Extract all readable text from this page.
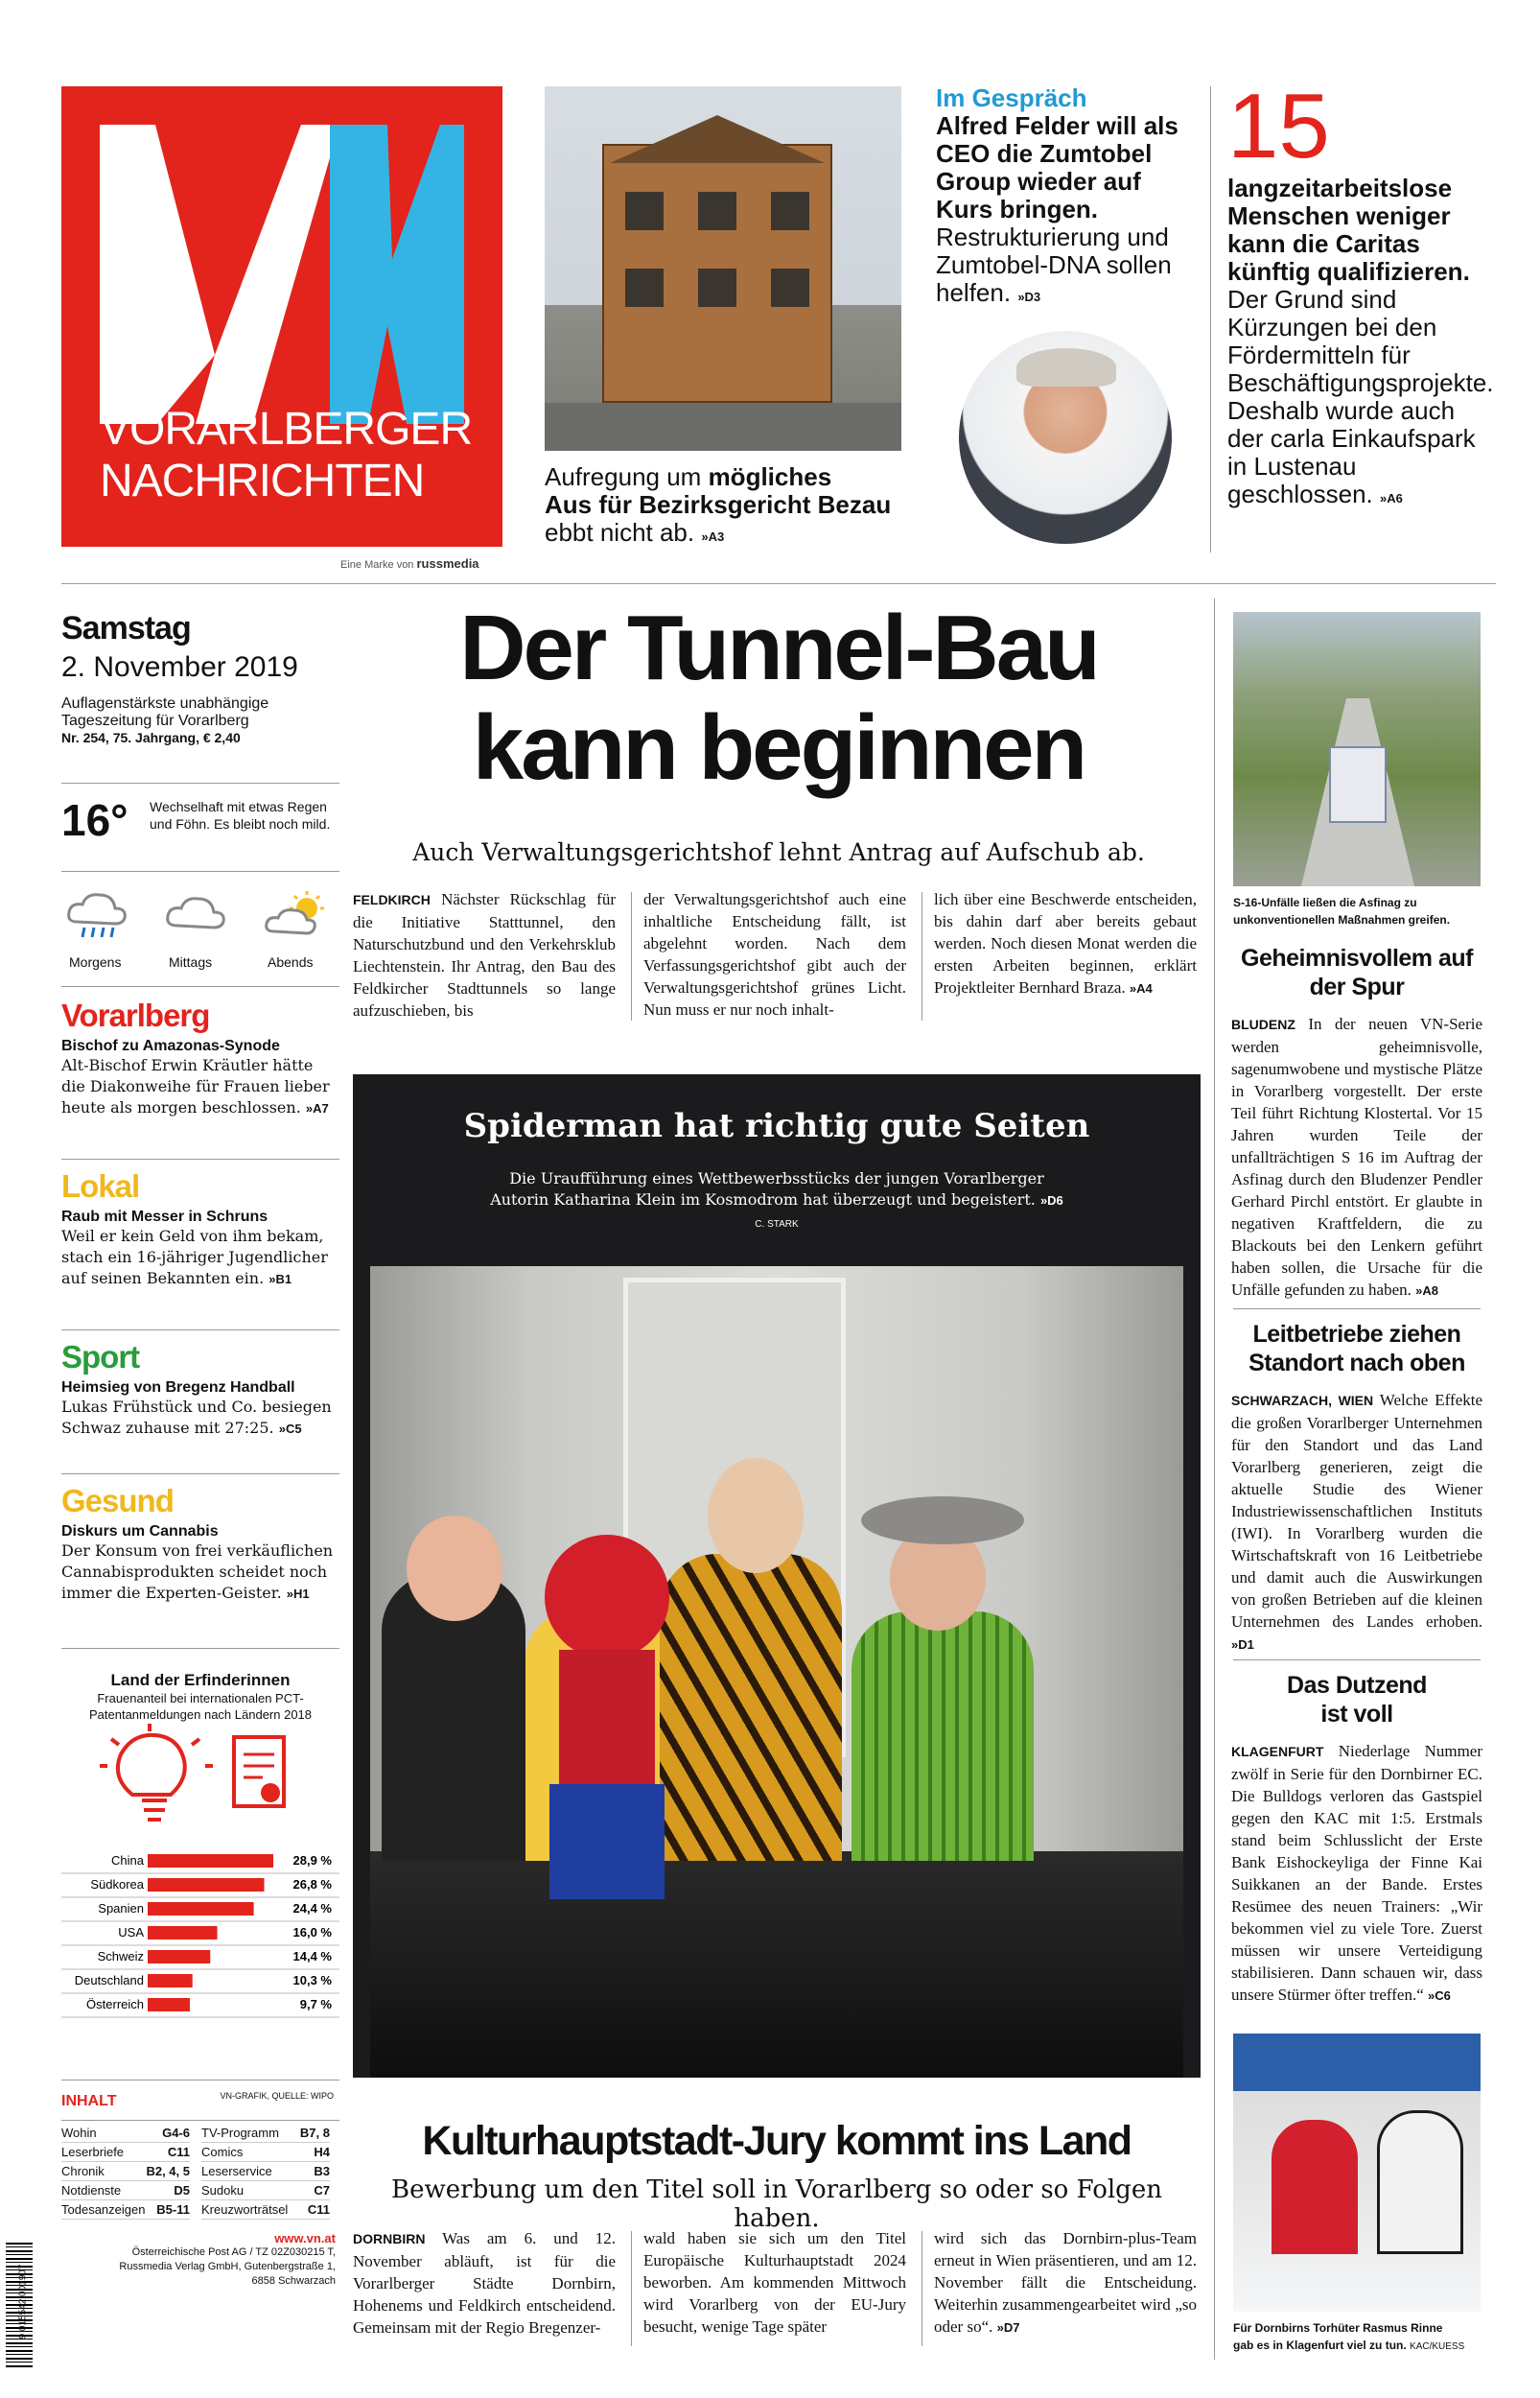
VORARLBERGER
NACHRICHTEN
Eine Marke von russmedia
Aufregung um mögliches
Aus für Bezirksgericht Bezau
ebbt nicht ab. »A3
Im Gespräch
Alfred Felder will als CEO die Zumtobel Group wieder auf Kurs bringen. Restrukturierung und Zumtobel-DNA sollen helfen. »D3
15
langzeitarbeitslose Menschen weniger kann die Caritas künftig qualifizieren. Der Grund sind Kürzungen bei den Fördermitteln für Beschäftigungsprojekte. Deshalb wurde auch der carla Einkaufspark in Lustenau geschlossen. »A6
Samstag
2. November 2019
Auflagenstärkste unabhängige
Tageszeitung für Vorarlberg
Nr. 254, 75. Jahrgang, € 2,40
16° Wechselhaft mit etwas Regen und Föhn. Es bleibt noch mild.
Morgens	Mittags	Abends
Vorarlberg
Bischof zu Amazonas-Synode
Alt-Bischof Erwin Kräutler hätte die Diakonweihe für Frauen lieber heute als morgen beschlossen. »A7
Lokal
Raub mit Messer in Schruns
Weil er kein Geld von ihm bekam, stach ein 16-jähriger Jugendlicher auf seinen Bekannten ein. »B1
Sport
Heimsieg von Bregenz Handball
Lukas Frühstück und Co. besiegen Schwaz zuhause mit 27:25. »C5
Gesund
Diskurs um Cannabis
Der Konsum von frei verkäuflichen Cannabisprodukten scheidet noch immer die Experten-Geister. »H1
Land der Erfinderinnen
Frauenanteil bei internationalen PCT-Patentanmeldungen nach Ländern 2018
China	28,9 %
Südkorea	26,8 %
Spanien	24,4 %
USA	16,0 %
Schweiz	14,4 %
Deutschland	10,3 %
Österreich	9,7 %
VN-GRAFIK, QUELLE: WIPO
INHALT
Wohin	G4-6
Leserbriefe	C11
Chronik	B2, 4, 5
Notdienste	D5
Todesanzeigen B5-11
TV-Programm B7, 8
Comics	H4
Leserservice	B3
Sudoku	C7
Kreuzworträtsel C11
9 015542 001907
www.vn.at
Österreichische Post AG / TZ 02Z030215 T,
Russmedia Verlag GmbH, Gutenbergstraße 1,
6858 Schwarzach
Der Tunnel-Bau
kann beginnen
Auch Verwaltungsgerichtshof lehnt Antrag auf Aufschub ab.

FELDKIRCH Nächster Rückschlag für die Initiative Statttunnel, den Naturschutzbund und den Verkehrsklub Liechtenstein. Ihr Antrag, den Bau des Feldkircher Stadttunnels so lange aufzuschieben, bis

der Verwaltungsgerichtshof auch eine inhaltliche Entscheidung fällt, ist abgelehnt worden. Nach dem Verfassungsgerichtshof gibt auch der Verwaltungsgerichtshof grünes Licht. Nun muss er nur noch inhalt-

lich über eine Beschwerde entscheiden, bis dahin darf aber bereits gebaut werden. Noch diesen Monat werden die ersten Arbeiten beginnen, erklärt Projektleiter Bernhard Braza. »A4

Spiderman hat richtig gute Seiten
Die Uraufführung eines Wettbewerbsstücks der jungen Vorarlberger Autorin Katharina Klein im Kosmodrom hat überzeugt und begeistert. »D6 C. STARK
Kulturhauptstadt-Jury kommt ins Land
Bewerbung um den Titel soll in Vorarlberg so oder so Folgen haben.

DORNBIRN Was am 6. und 12. November abläuft, ist für die Vorarlberger Städte Dornbirn, Hohenems und Feldkirch entscheidend. Gemeinsam mit der Regio Bregenzer-

wald haben sie sich um den Titel Europäische Kulturhauptstadt 2024 beworben. Am kommenden Mittwoch wird Vorarlberg von der EU-Jury besucht, wenige Tage später

wird sich das Dornbirn-plus-Team erneut in Wien präsentieren, und am 12. November fällt die Entscheidung. Weiterhin zusammengearbeitet wird „so oder so“. »D7

S-16-Unfälle ließen die Asfinag zu unkonventionellen Maßnahmen greifen.
Geheimnisvollem auf der Spur

BLUDENZ In der neuen VN-Serie werden geheimnisvolle, sagenumwobene und mystische Plätze in Vorarlberg vorgestellt. Der erste Teil führt Richtung Klostertal. Vor 15 Jahren wurden Teile der unfallträchtigen S 16 im Auftrag der Asfinag durch den Bludenzer Pendler Gerhard Pirchl entstört. Er glaubte in negativen Kraftfeldern, die zu Blackouts bei den Lenkern geführt haben sollen, die Ursache für die Unfälle gefunden zu haben. »A8

Leitbetriebe ziehen Standort nach oben

SCHWARZACH, WIEN Welche Effekte die großen Vorarlberger Unternehmen für den Standort und das Land Vorarlberg generieren, zeigt die aktuelle Studie des Wiener Industriewissenschaftlichen Instituts (IWI). In Vorarlberg wurden die Wirtschaftskraft von 16 Leitbetriebe und damit auch die Auswirkungen von großen Betrieben auf die kleinen Unternehmen des Landes erhoben. »D1

Das Dutzend ist voll

KLAGENFURT Niederlage Nummer zwölf in Serie für den Dornbirner EC. Die Bulldogs verloren das Gastspiel gegen den KAC mit 1:5. Erstmals stand beim Schlusslicht der Erste Bank Eishockeyliga der Finne Kai Suikkanen an der Bande. Erstes Resümee des neuen Trainers: „Wir bekommen viel zu viele Tore. Zuerst müssen wir unsere Verteidigung stabilisieren. Dann schauen wir, dass unsere Stürmer öfter treffen.“ »C6

Für Dornbirns Torhüter Rasmus Rinne
gab es in Klagenfurt viel zu tun. KAC/KUESS
